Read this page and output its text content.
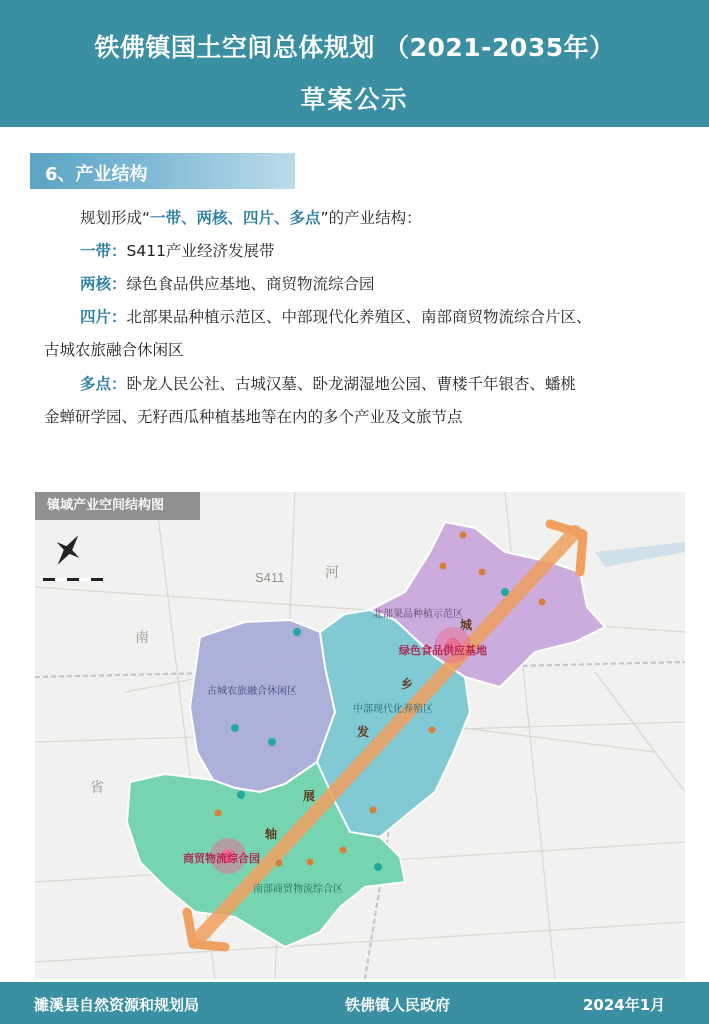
铁佛镇国土空间总体规划 （2021-2035年）
草案公示
6、产业结构
规划形成“一带、两核、四片、多点”的产业结构：
一带：S411产业经济发展带
两核：绿色食品供应基地、商贸物流综合园
四片：北部果品种植示范区、中部现代化养殖区、南部商贸物流综合片区、
古城农旅融合休闲区
多点：卧龙人民公社、古城汉墓、卧龙湖湿地公园、曹楼千年银杏、蟠桃
金蝉研学园、无籽西瓜种植基地等在内的多个产业及文旅节点
S411	河
南
省
北部果品种植示范区
古城农旅融合休闲区
中部现代化养殖区
南部商贸物流综合区
绿色食品供应基地
商贸物流综合园
城
乡
发
展
轴
镇域产业空间结构图
濉溪县自然资源和规划局	铁佛镇人民政府	2024年1月
